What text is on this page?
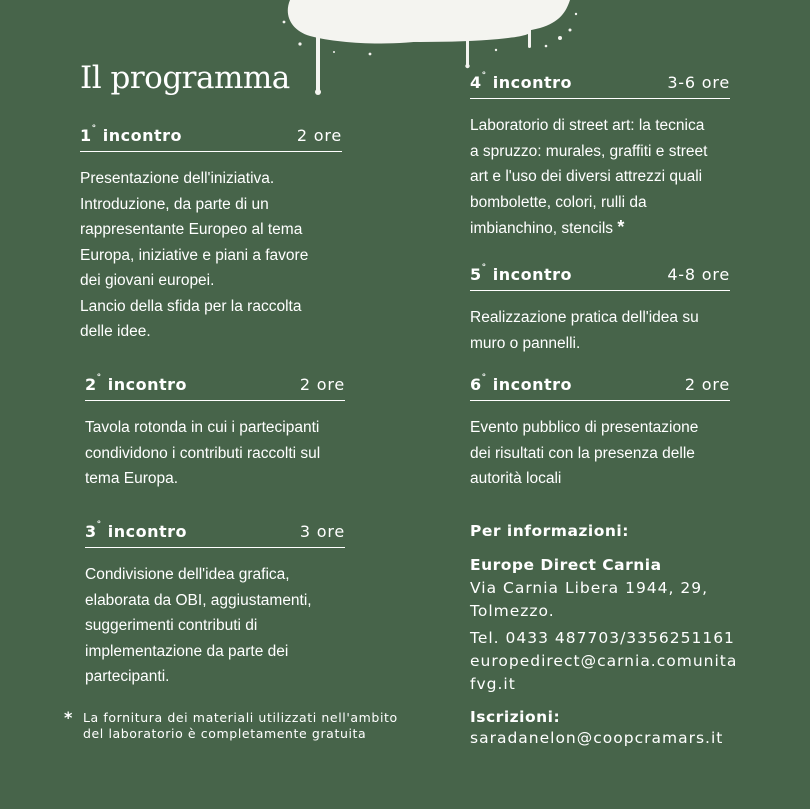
Il programma
1° incontro	2 ore
Presentazione dell'iniziativa.
Introduzione, da parte di un
rappresentante Europeo al tema
Europa, iniziative e piani a favore
dei giovani europei.
Lancio della sfida per la raccolta
delle idee.
2° incontro	2 ore
Tavola rotonda in cui i partecipanti
condividono i contributi raccolti sul
tema Europa.
3° incontro	3 ore
Condivisione dell'idea grafica,
elaborata da OBI, aggiustamenti,
suggerimenti contributi di
implementazione da parte dei
partecipanti.
4° incontro	3-6 ore
Laboratorio di street art: la tecnica
a spruzzo: murales, graffiti e street
art e l'uso dei diversi attrezzi quali
bombolette, colori, rulli da
imbianchino, stencils *
5° incontro	4-8 ore
Realizzazione pratica dell'idea su
muro o pannelli.
6° incontro	2 ore
Evento pubblico di presentazione
dei risultati con la presenza delle
autorità locali
Per informazioni:
Europe Direct Carnia
Via Carnia Libera 1944, 29,
Tolmezzo.
Tel. 0433 487703/3356251161
europedirect@carnia.comunita
fvg.it
Iscrizioni:
saradanelon@coopcramars.it
* La fornitura dei materiali utilizzati nell'ambito
del laboratorio è completamente gratuita
